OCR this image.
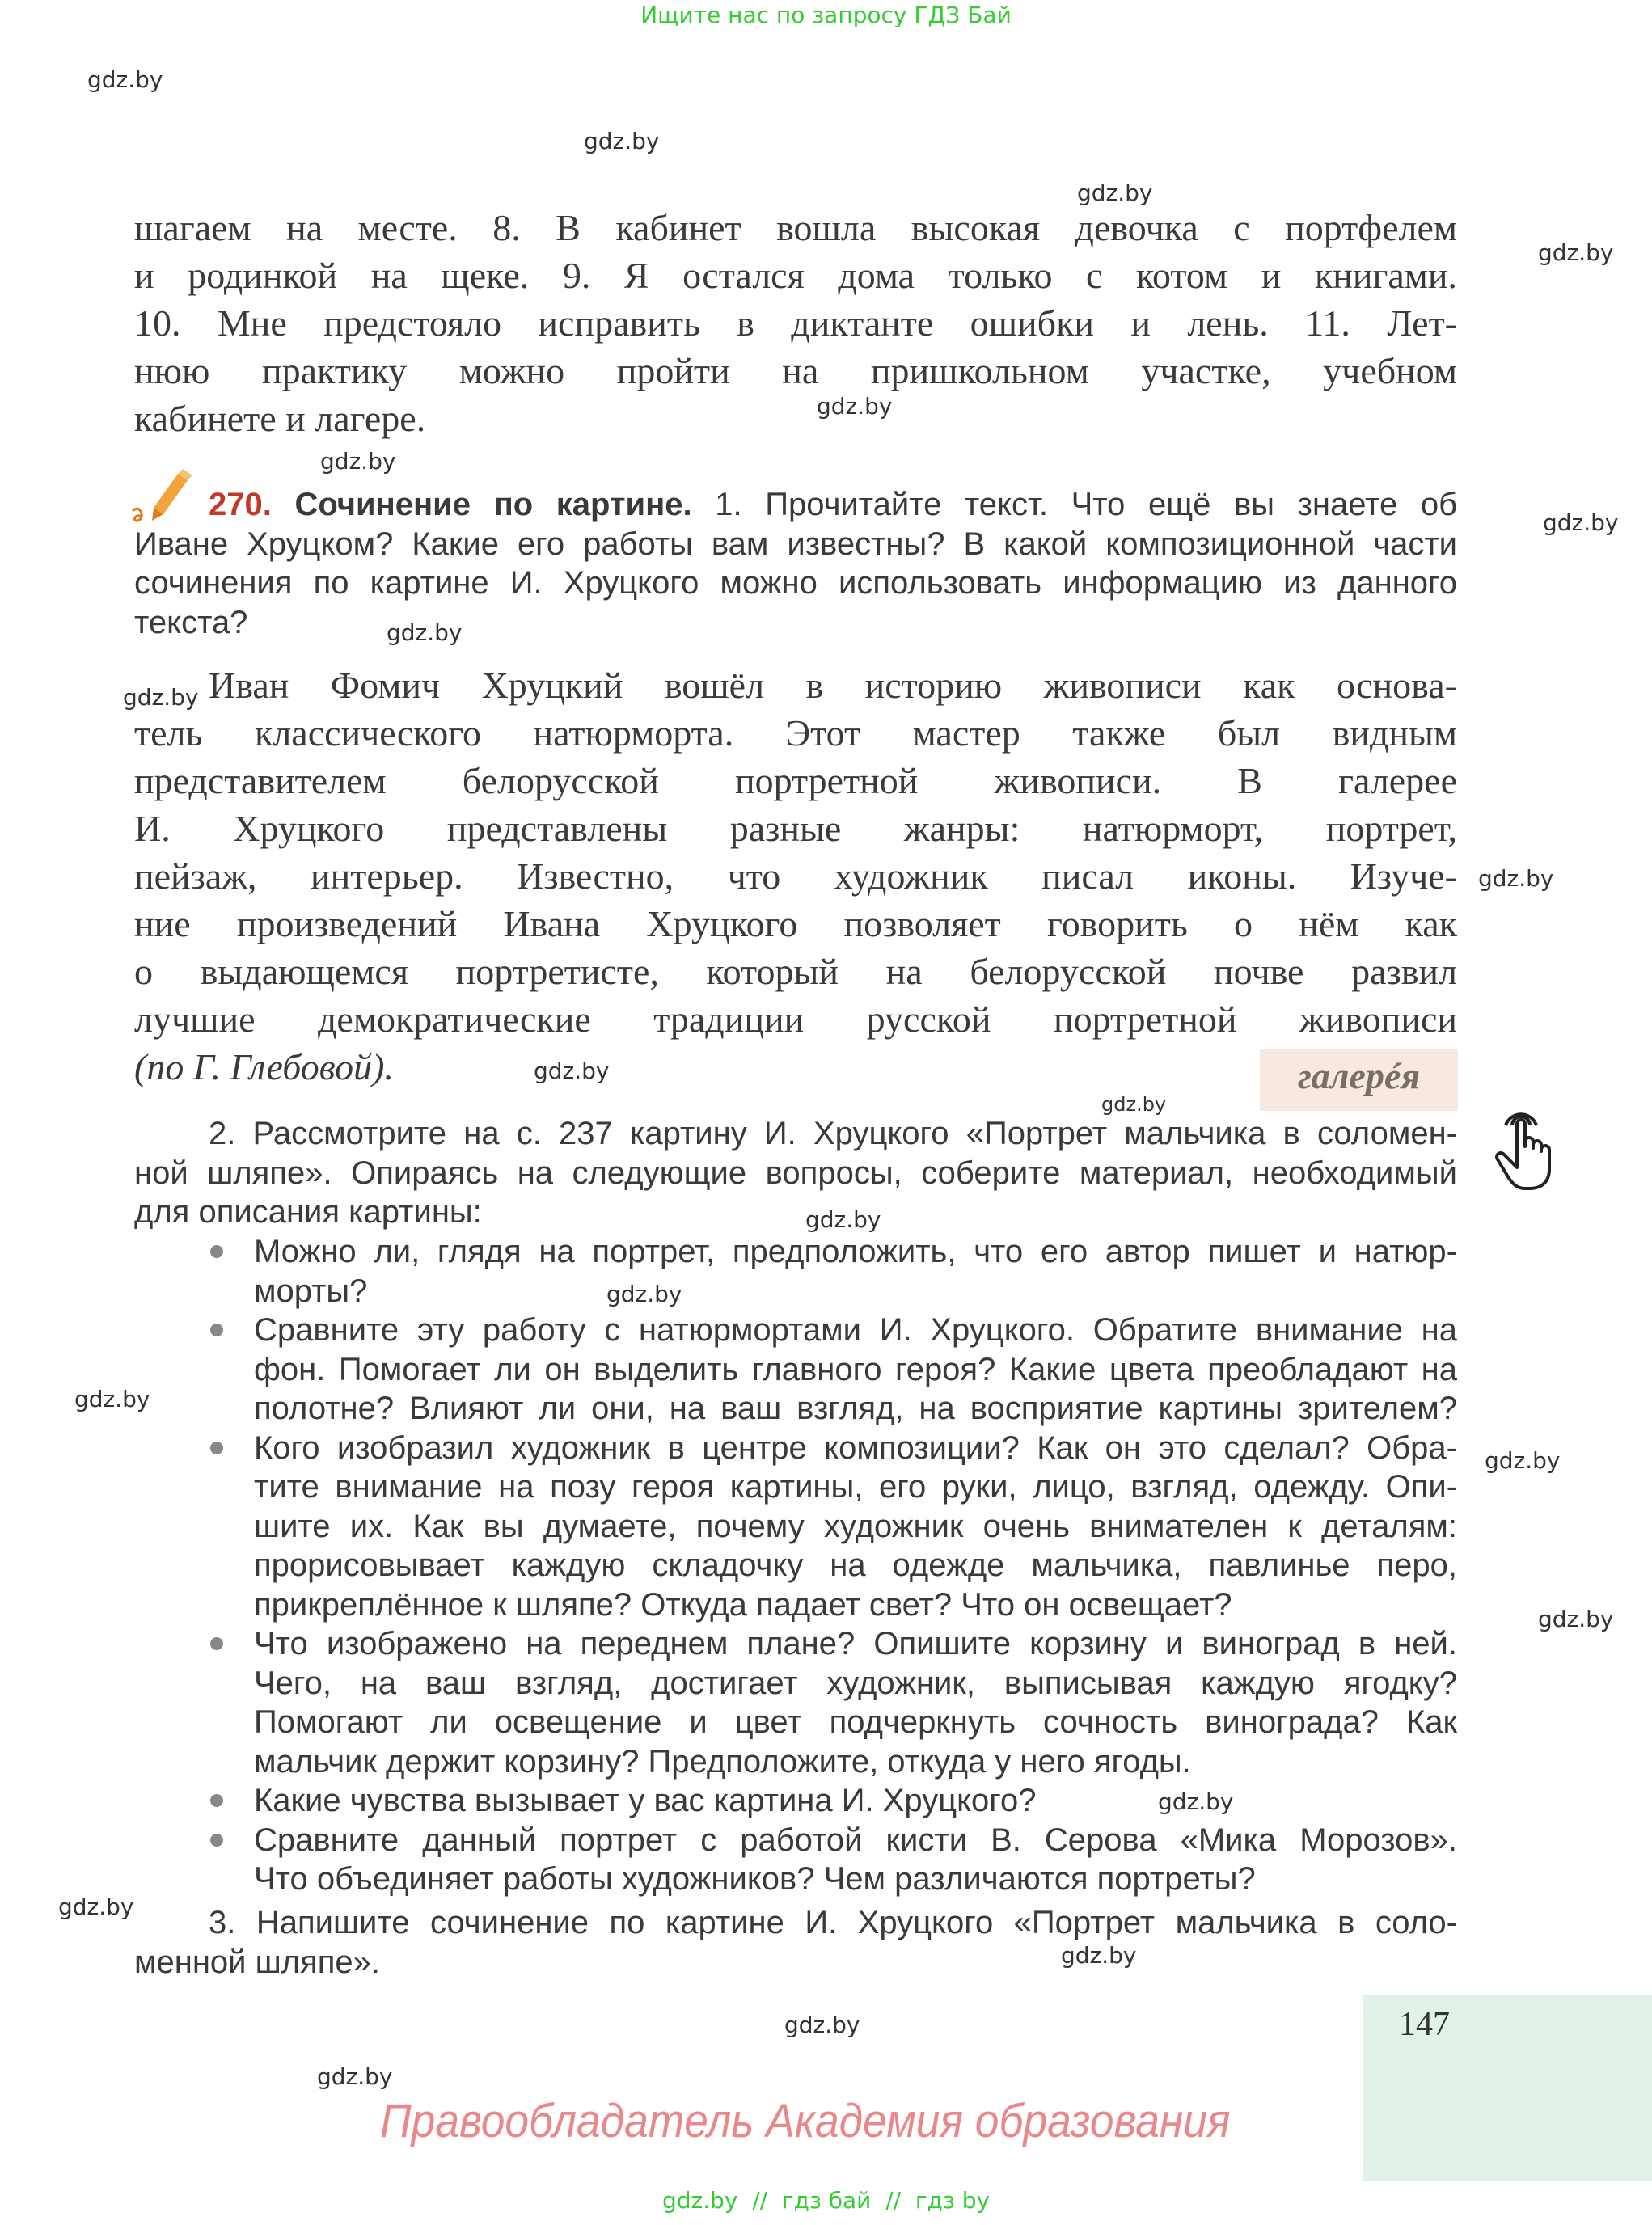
Ищите нас по запросу ГДЗ Бай
gdz.by
gdz.by
gdz.by
gdz.by
gdz.by
gdz.by
gdz.by
gdz.by
gdz.by
gdz.by
gdz.by
gdz.by
gdz.by
gdz.by
gdz.by
gdz.by
gdz.by
gdz.by
gdz.by
gdz.by
gdz.by
gdz.by
шагаем на месте. 8. В кабинет вошла высокая девочка с портфелем
и родинкой на щеке. 9. Я остался дома только с котом и книгами.
10. Мне предстояло исправить в диктанте ошибки и лень. 11. Лет-
нюю практику можно пройти на пришкольном участке, учебном
кабинете и лагере.
270. Сочинение по картине. 1. Прочитайте текст. Что ещё вы знаете об
Иване Хруцком? Какие его работы вам известны? В какой композиционной части
сочинения по картине И. Хруцкого можно использовать информацию из данного
текста?
Иван Фомич Хруцкий вошёл в историю живописи как основа-
тель классического натюрморта. Этот мастер также был видным
представителем белорусской портретной живописи. В галерее
И. Хруцкого представлены разные жанры: натюрморт, портрет,
пейзаж, интерьер. Известно, что художник писал иконы. Изуче-
ние произведений Ивана Хруцкого позволяет говорить о нём как
о выдающемся портретисте, который на белорусской почве развил
лучшие демократические традиции русской портретной живописи
(по Г. Глебовой).	галерéя
2. Рассмотрите на с. 237 картину И. Хруцкого «Портрет мальчика в соломен-
ной шляпе». Опираясь на следующие вопросы, соберите материал, необходимый
для описания картины:
Можно ли, глядя на портрет, предположить, что его автор пишет и натюр-
морты?
Сравните эту работу с натюрмортами И. Хруцкого. Обратите внимание на
фон. Помогает ли он выделить главного героя? Какие цвета преобладают на
полотне? Влияют ли они, на ваш взгляд, на восприятие картины зрителем?
Кого изобразил художник в центре композиции? Как он это сделал? Обра-
тите внимание на позу героя картины, его руки, лицо, взгляд, одежду. Опи-
шите их. Как вы думаете, почему художник очень внимателен к деталям:
прорисовывает каждую складочку на одежде мальчика, павлинье перо,
прикреплённое к шляпе? Откуда падает свет? Что он освещает?
Что изображено на переднем плане? Опишите корзину и виноград в ней.
Чего, на ваш взгляд, достигает художник, выписывая каждую ягодку?
Помогают ли освещение и цвет подчеркнуть сочность винограда? Как
мальчик держит корзину? Предположите, откуда у него ягоды.
Какие чувства вызывает у вас картина И. Хруцкого?
Сравните данный портрет с работой кисти В. Серова «Мика Морозов».
Что объединяет работы художников? Чем различаются портреты?
3. Напишите сочинение по картине И. Хруцкого «Портрет мальчика в соло-
менной шляпе».
147
Правообладатель Академия образования
gdz.by  //  гдз бай  //  гдз by
